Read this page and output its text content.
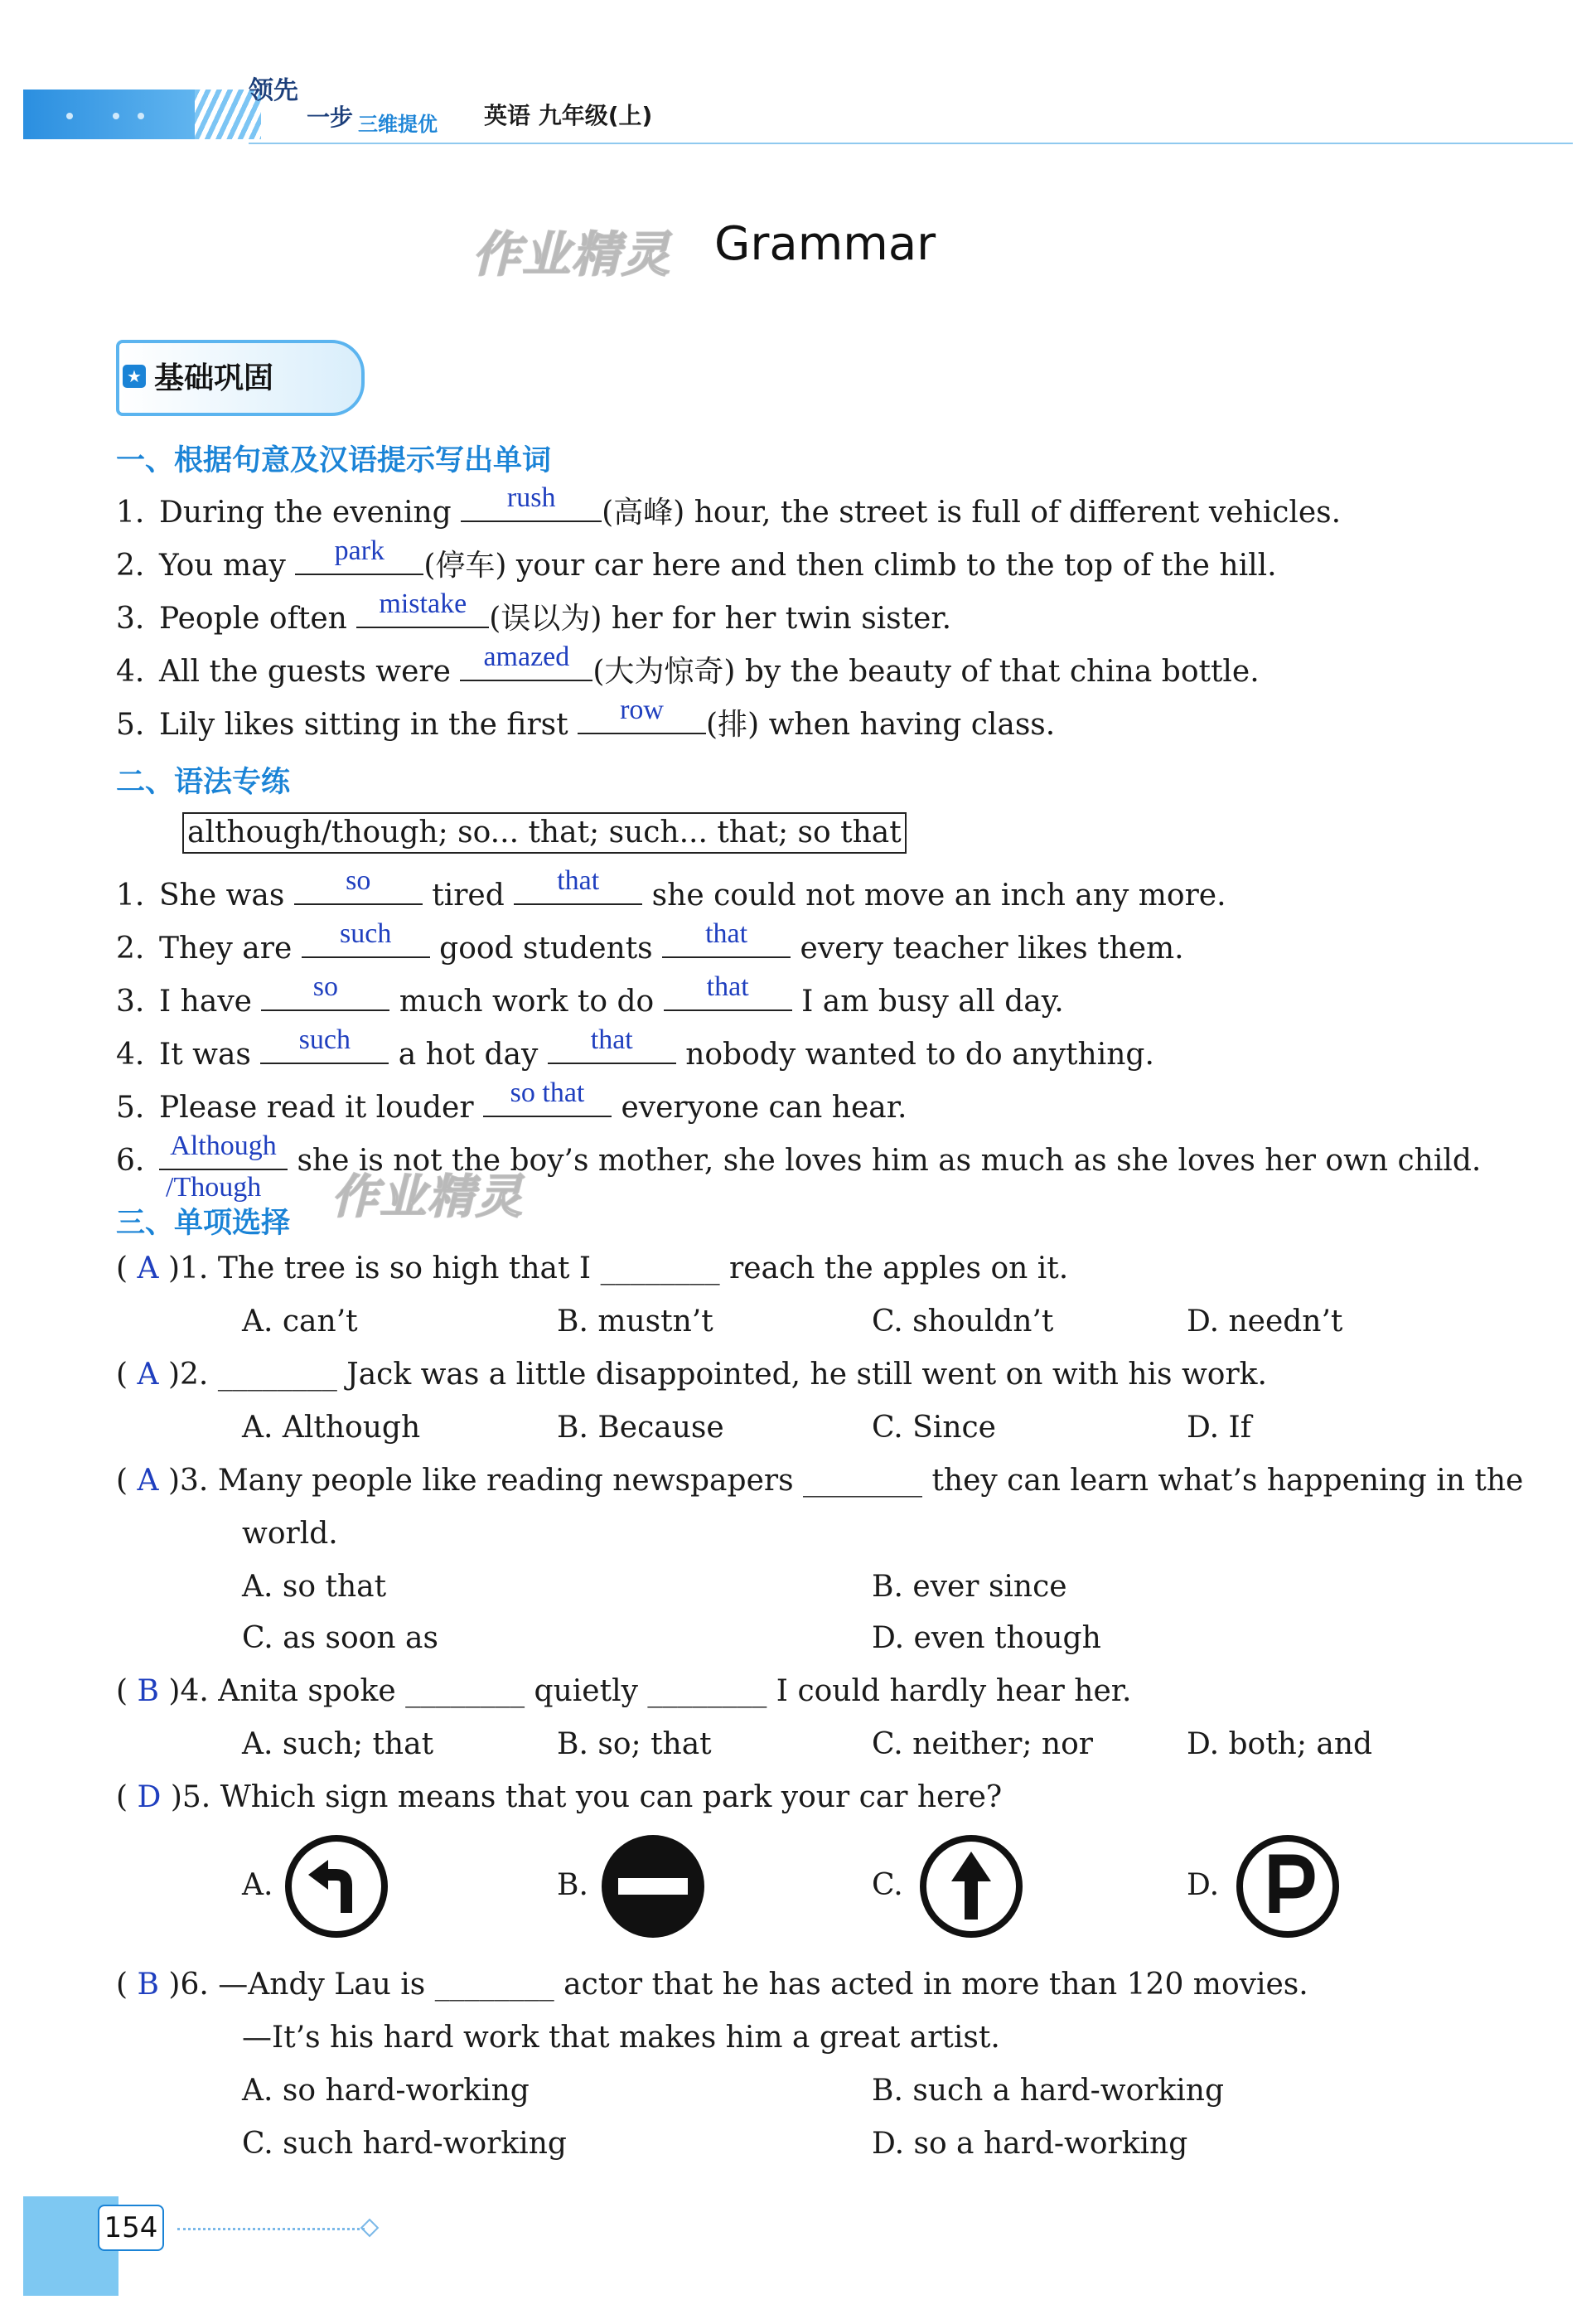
领先
一步 三维提优 英语 九年级(上)
作业精灵 Grammar
★ 基础巩固
一、根据句意及汉语提示写出单词
1. During the evening	rush	(高峰) hour, the street is full of different vehicles.
2. You may	park	(停车) your car here and then climb to the top of the hill.
3. People often mistake (误以为) her for her twin sister.
4. All the guests were amazed (大为惊奇) by the beauty of that china bottle.
5. Lily likes sitting in the first	row	(排) when having class.
二、语法专练
although/though; so... that; such... that; so that
1. She was	so	tired	that	she could not move an inch any more.
2. They are	such	good students	that	every teacher likes them.
3. I have	so	much work to do	that	I am busy all day.
4. It was	such	a hot day	that	nobody wanted to do anything.
5. Please read it louder so that everyone can hear.
6. Although she is not the boy’s mother, she loves him as much as she loves her own child.
/Though 作业精灵
三、单项选择
( A )1. The tree is so high that I ________ reach the apples on it.
A. can’t	B. mustn’t	C. shouldn’t	D. needn’t
( A )2. ________ Jack was a little disappointed, he still went on with his work.
A. Although	B. Because	C. Since	D. If
( A )3. Many people like reading newspapers ________ they can learn what’s happening in the
world.
A. so that	B. ever since
C. as soon as	D. even though
( B )4. Anita spoke ________ quietly ________ I could hardly hear her.
A. such; that	B. so; that	C. neither; nor	D. both; and
( D )5. Which sign means that you can park your car here?
A.	B.	C.	D.
( B )6. —Andy Lau is ________ actor that he has acted in more than 120 movies.
—It’s his hard work that makes him a great artist.
A. so hard-working	B. such a hard-working
C. such hard-working	D. so a hard-working
154
